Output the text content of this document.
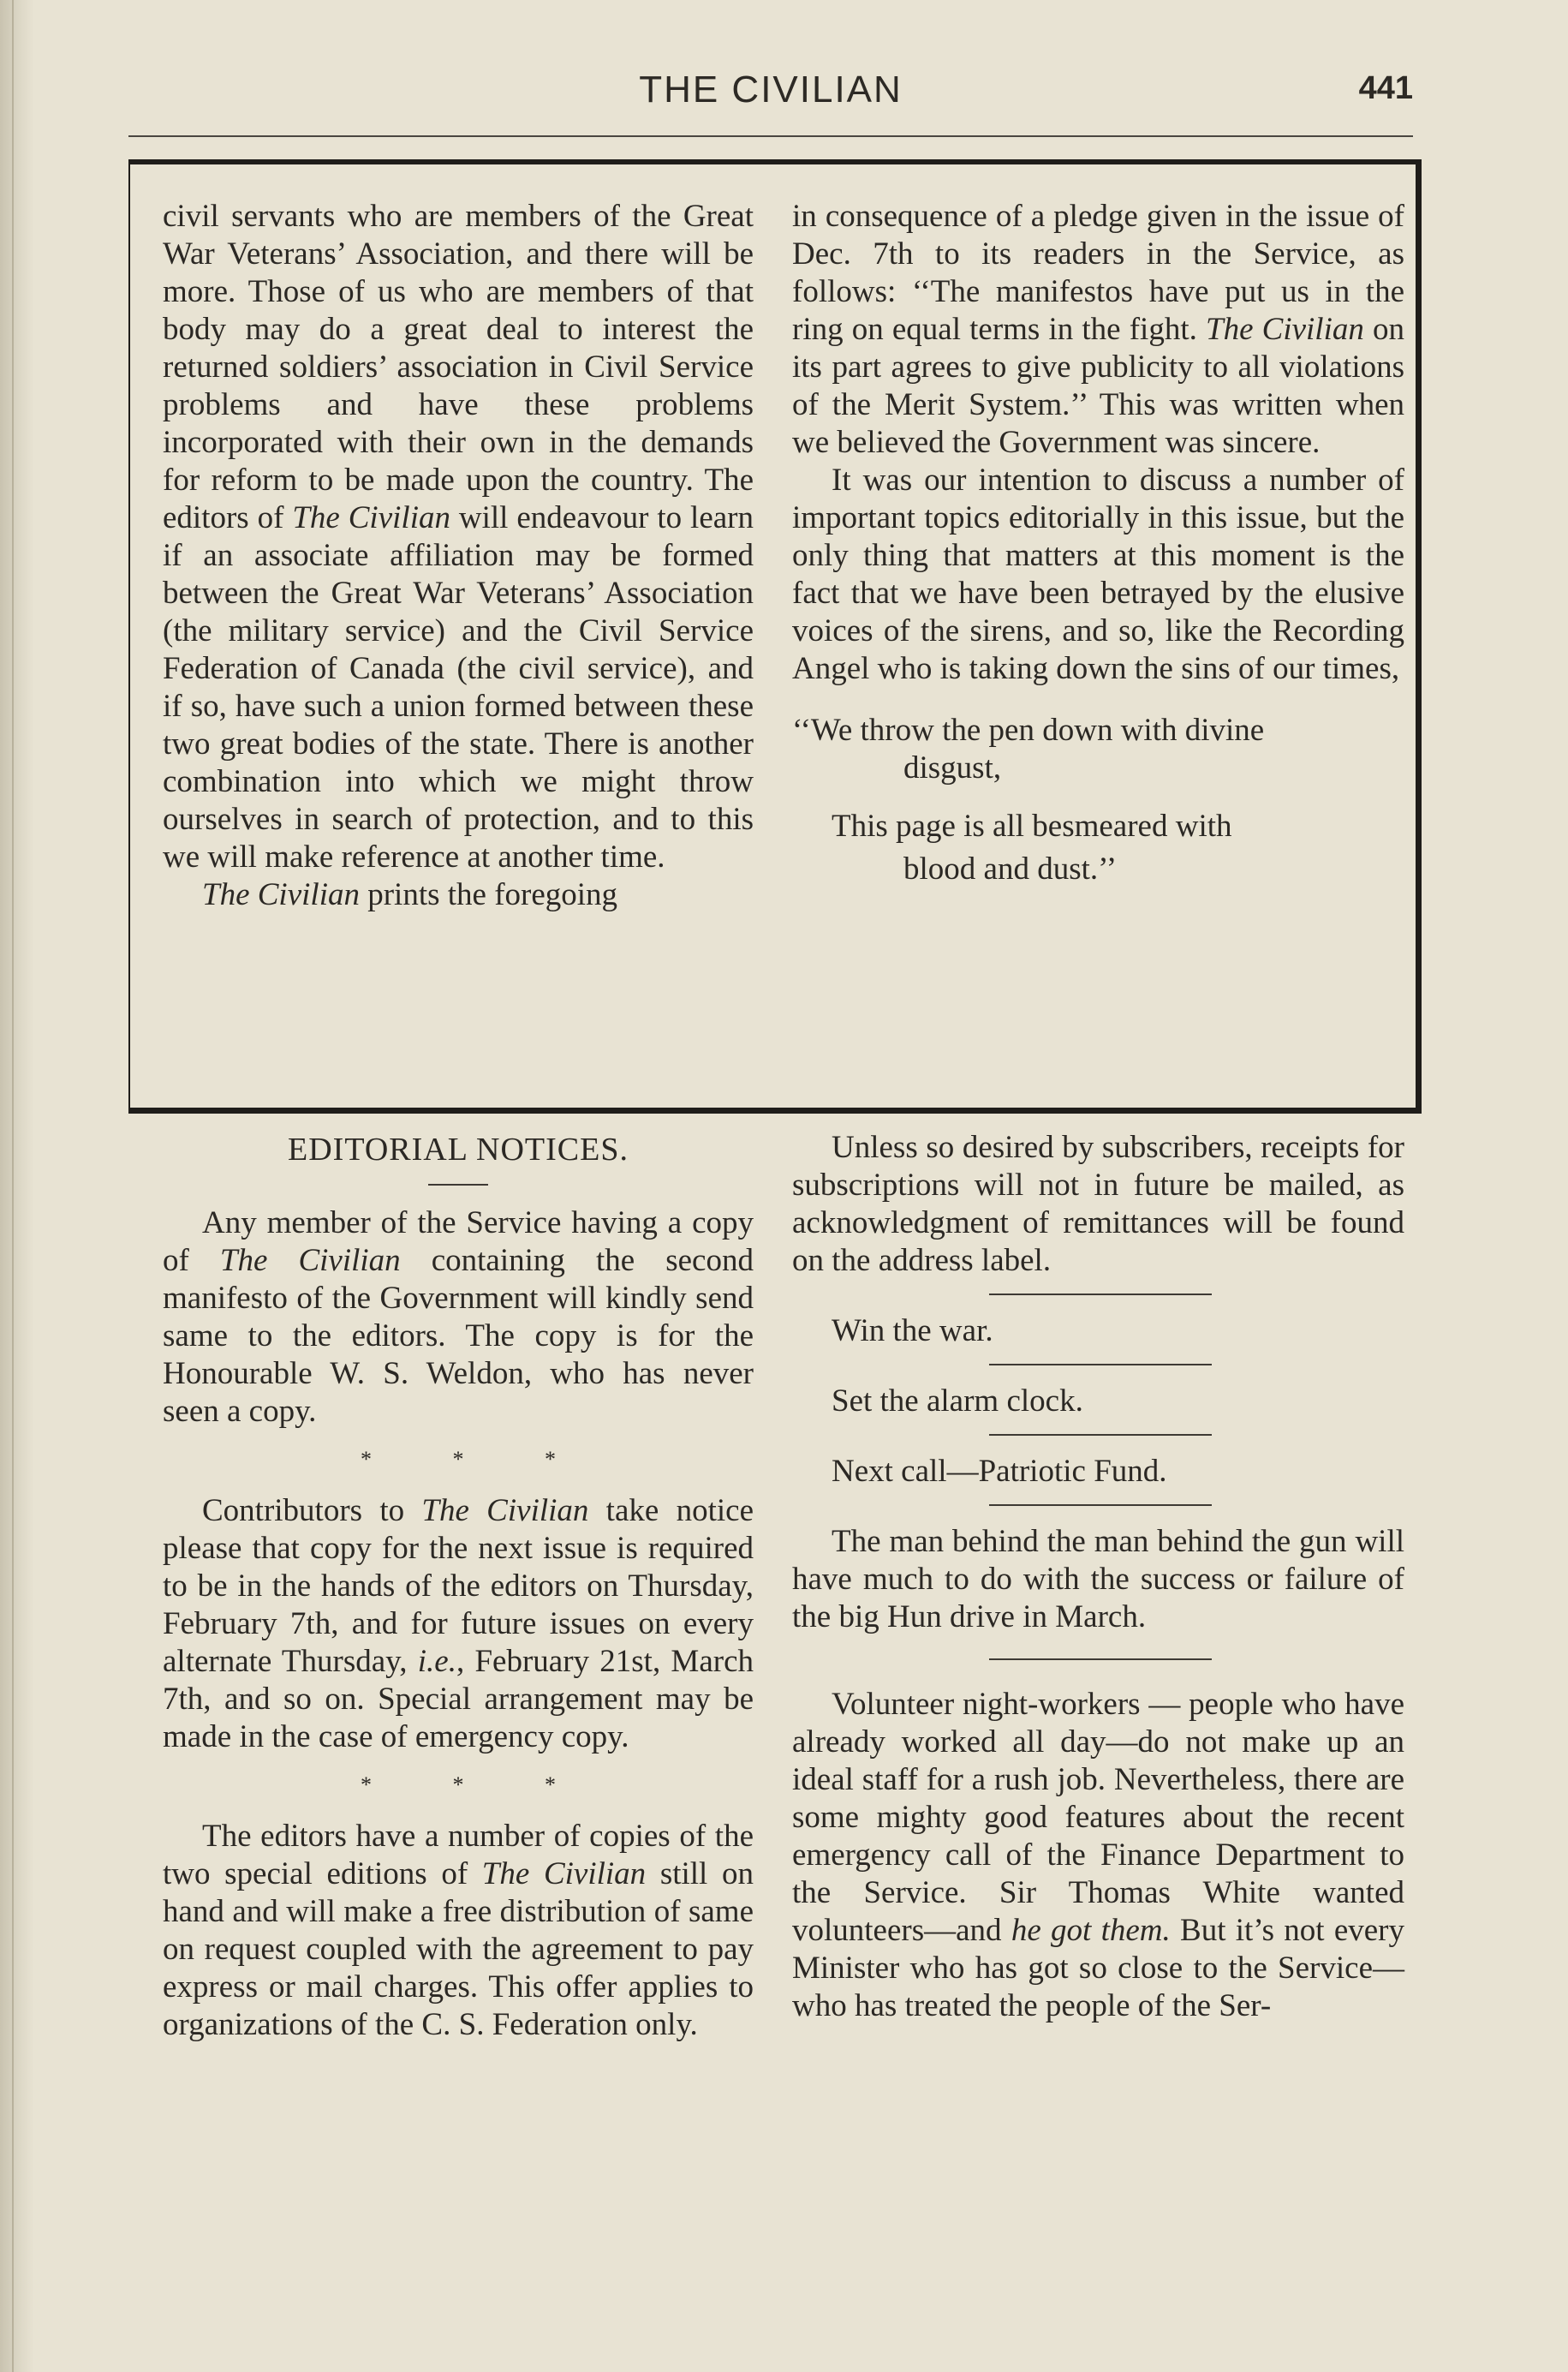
THE CIVILIAN	441

civil servants who are members of the Great War Veterans’ Association, and there will be more. Those of us who are members of that body may do a great deal to interest the returned soldiers’ association in Civil Service problems and have these problems incorporated with their own in the demands for reform to be made upon the country. The editors of The Civilian will endeavour to learn if an associate affiliation may be formed between the Great War Veterans’ Association (the military service) and the Civil Service Federation of Canada (the civil service), and if so, have such a union formed between these two great bodies of the state. There is another combination into which we might throw ourselves in search of protection, and to this we will make reference at another time.

The Civilian prints the foregoing

in consequence of a pledge given in the issue of Dec. 7th to its readers in the Service, as follows: ‘‘The manifestos have put us in the ring on equal terms in the fight. The Civilian on its part agrees to give publicity to all violations of the Merit System.’’ This was written when we believed the Government was sincere.

It was our intention to discuss a number of important topics editorially in this issue, but the only thing that matters at this moment is the fact that we have been betrayed by the elusive voices of the sirens, and so, like the Recording Angel who is taking down the sins of our times,

‘‘We throw the pen down with divine

disgust,

This page is all besmeared with

blood and dust.’’

EDITORIAL NOTICES.

Any member of the Service having a copy of The Civilian containing the second manifesto of the Government will kindly send same to the editors. The copy is for the Honourable W. S. Weldon, who has never seen a copy.

* * *

Contributors to The Civilian take notice please that copy for the next issue is required to be in the hands of the editors on Thursday, February 7th, and for future issues on every alternate Thursday, i.e., February 21st, March 7th, and so on. Special arrangement may be made in the case of emergency copy.

* * *

The editors have a number of copies of the two special editions of The Civilian still on hand and will make a free distribution of same on request coupled with the agreement to pay express or mail charges. This offer applies to organizations of the C. S. Federation only.

Unless so desired by subscribers, receipts for subscriptions will not in future be mailed, as acknowledgment of remittances will be found on the address label.

Win the war.

Set the alarm clock.

Next call—Patriotic Fund.

The man behind the man behind the gun will have much to do with the success or failure of the big Hun drive in March.

Volunteer night-workers — people who have already worked all day—do not make up an ideal staff for a rush job. Nevertheless, there are some mighty good features about the recent emergency call of the Finance Department to the Service. Sir Thomas White wanted volunteers—and he got them. But it’s not every Minister who has got so close to the Service—who has treated the people of the Ser-
